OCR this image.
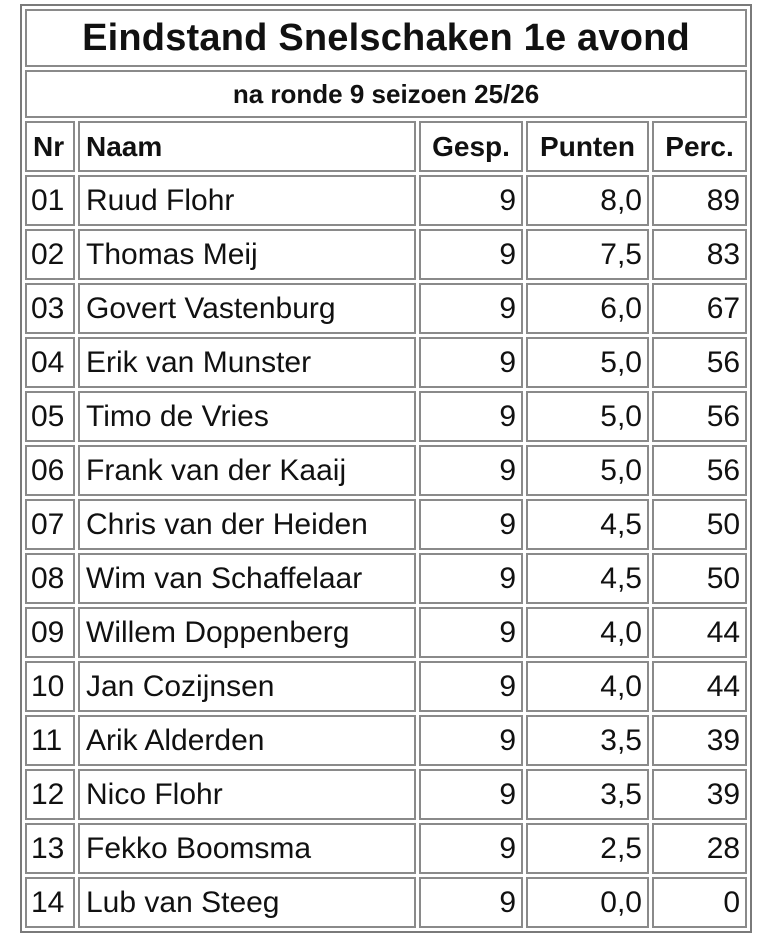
Eindstand Snelschaken 1e avond				
na ronde 9 seizoen 25/26				
Nr	Naam	Gesp.	Punten	Perc.
01	Ruud Flohr	9	8,0	89
02	Thomas Meij	9	7,5	83
03	Govert Vastenburg	9	6,0	67
04	Erik van Munster	9	5,0	56
05	Timo de Vries	9	5,0	56
06	Frank van der Kaaij	9	5,0	56
07	Chris van der Heiden	9	4,5	50
08	Wim van Schaffelaar	9	4,5	50
09	Willem Doppenberg	9	4,0	44
10	Jan Cozijnsen	9	4,0	44
11	Arik Alderden	9	3,5	39
12	Nico Flohr	9	3,5	39
13	Fekko Boomsma	9	2,5	28
14	Lub van Steeg	9	0,0	0
